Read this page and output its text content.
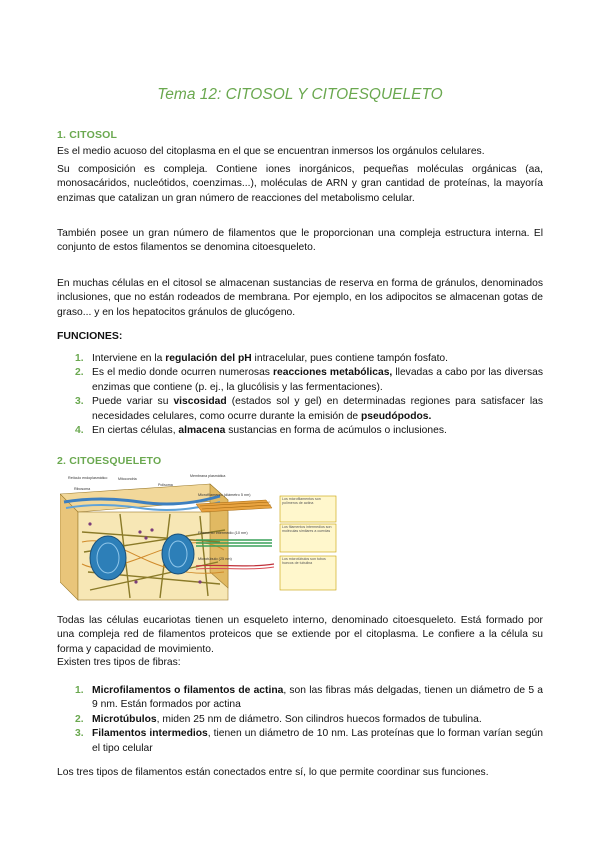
Tema 12: CITOSOL Y CITOESQUELETO
1. CITOSOL
Es el medio acuoso del citoplasma en el que se encuentran inmersos los orgánulos celulares.
Su composición es compleja. Contiene iones inorgánicos, pequeñas moléculas orgánicas (aa, monosacáridos, nucleótidos, coenzimas...), moléculas de ARN y gran cantidad de proteínas, la mayoría enzimas que catalizan un gran número de reacciones del metabolismo celular.
También posee un gran número de filamentos que le proporcionan una compleja estructura interna. El conjunto de estos filamentos se denomina citoesqueleto.
En muchas células en el citosol se almacenan sustancias de reserva en forma de gránulos, denominados inclusiones, que no están rodeados de membrana. Por ejemplo, en los adipocitos se almacenan gotas de graso... y en los hepatocitos gránulos de glucógeno.
FUNCIONES:
1. Interviene en la regulación del pH intracelular, pues contiene tampón fosfato.
2. Es el medio donde ocurren numerosas reacciones metabólicas, llevadas a cabo por las diversas enzimas que contiene (p. ej., la glucólisis y las fermentaciones).
3. Puede variar su viscosidad (estados sol y gel) en determinadas regiones para satisfacer las necesidades celulares, como ocurre durante la emisión de pseudópodos.
4. En ciertas células, almacena sustancias en forma de acúmulos o inclusiones.
2. CITOESQUELETO
Retículo endoplasmático	Mitocondria
Polisoma
Membrana plasmática
Ribosoma
Microfilamento (diámetro 5 nm)
Filamento intermedio (10 nm)
Microtúbulo (25 nm)
Los microfilamentos son polímeros de actina
Los filamentos intermedios son moléculas similares a cuerdas
Los microtúbulos son tubos huecos de tubulina
Todas las células eucariotas tienen un esqueleto interno, denominado citoesqueleto. Está formado por una compleja red de filamentos proteicos que se extiende por el citoplasma. Le confiere a la célula su forma y capacidad de movimiento.
Existen tres tipos de fibras:
1. Microfilamentos o filamentos de actina, son las fibras más delgadas, tienen un diámetro de 5 a 9 nm. Están formados por actina
2. Microtúbulos, miden 25 nm de diámetro. Son cilindros huecos formados de tubulina.
3. Filamentos intermedios, tienen un diámetro de 10 nm. Las proteínas que lo forman varían según el tipo celular
Los tres tipos de filamentos están conectados entre sí, lo que permite coordinar sus funciones.
